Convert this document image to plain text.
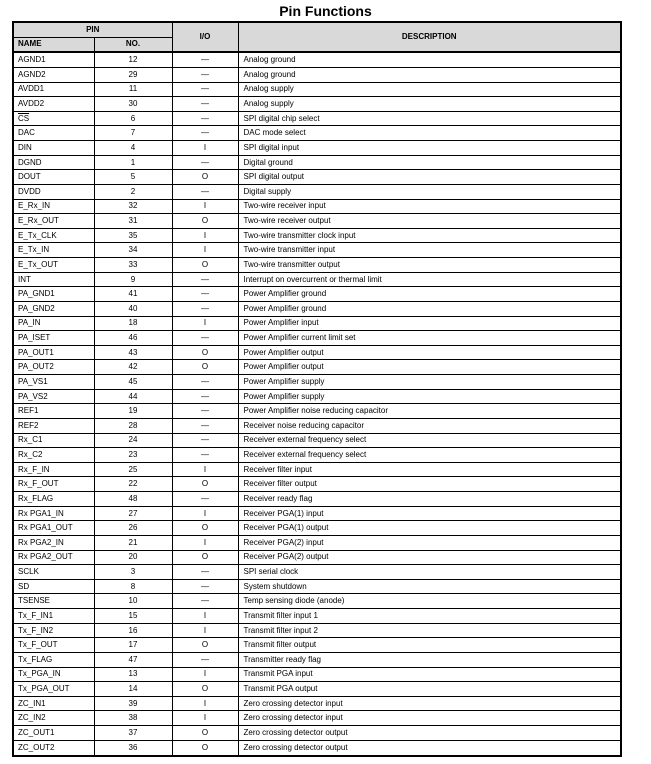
Pin Functions
PIN		I/O	DESCRIPTION
NAME	NO.		
AGND1	12	—	Analog ground
AGND2	29	—	Analog ground
AVDD1	11	—	Analog supply
AVDD2	30	—	Analog supply
$\overline{CS}$	6	—	SPI digital chip select
DAC	7	—	DAC mode select
DIN	4	I	SPI digital input
DGND	1	—	Digital ground
DOUT	5	O	SPI digital output
DVDD	2	—	Digital supply
E_Rx_IN	32	I	Two-wire receiver input
E_Rx_OUT	31	O	Two-wire receiver output
E_Tx_CLK	35	I	Two-wire transmitter clock input
E_Tx_IN	34	I	Two-wire transmitter input
E_Tx_OUT	33	O	Two-wire transmitter output
INT	9	—	Interrupt on overcurrent or thermal limit
PA_GND1	41	—	Power Amplifier ground
PA_GND2	40	—	Power Amplifier ground
PA_IN	18	I	Power Amplifier input
PA_ISET	46	—	Power Amplifier current limit set
PA_OUT1	43	O	Power Amplifier output
PA_OUT2	42	O	Power Amplifier output
PA_VS1	45	—	Power Amplifier supply
PA_VS2	44	—	Power Amplifier supply
REF1	19	—	Power Amplifier noise reducing capacitor
REF2	28	—	Receiver noise reducing capacitor
Rx_C1	24	—	Receiver external frequency select
Rx_C2	23	—	Receiver external frequency select
Rx_F_IN	25	I	Receiver filter input
Rx_F_OUT	22	O	Receiver filter output
Rx_FLAG	48	—	Receiver ready flag
Rx PGA1_IN	27	I	Receiver PGA(1) input
Rx PGA1_OUT	26	O	Receiver PGA(1) output
Rx PGA2_IN	21	I	Receiver PGA(2) input
Rx PGA2_OUT	20	O	Receiver PGA(2) output
SCLK	3	—	SPI serial clock
SD	8	—	System shutdown
TSENSE	10	—	Temp sensing diode (anode)
Tx_F_IN1	15	I	Transmit filter input 1
Tx_F_IN2	16	I	Transmit filter input 2
Tx_F_OUT	17	O	Transmit filter output
Tx_FLAG	47	—	Transmitter ready flag
Tx_PGA_IN	13	I	Transmit PGA input
Tx_PGA_OUT	14	O	Transmit PGA output
ZC_IN1	39	I	Zero crossing detector input
ZC_IN2	38	I	Zero crossing detector input
ZC_OUT1	37	O	Zero crossing detector output
ZC_OUT2	36	O	Zero crossing detector output
